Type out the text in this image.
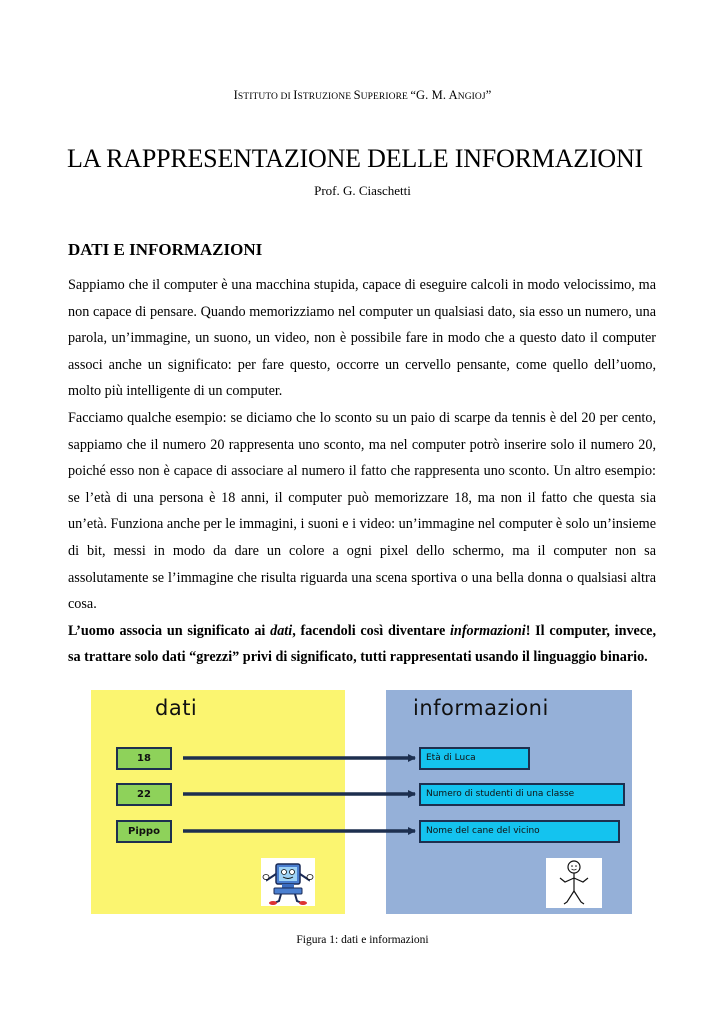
ISTITUTO DI ISTRUZIONE SUPERIORE “G. M. ANGIOJ”
LA RAPPRESENTAZIONE DELLE INFORMAZIONI
Prof. G. Ciaschetti
DATI E INFORMAZIONI

Sappiamo che il computer è una macchina stupida, capace di eseguire calcoli in modo velocissimo, ma non capace di pensare. Quando memorizziamo nel computer un qualsiasi dato, sia esso un numero, una parola, un’immagine, un suono, un video, non è possibile fare in modo che a questo dato il computer associ anche un significato: per fare questo, occorre un cervello pensante, come quello dell’uomo, molto più intelligente di un computer.

Facciamo qualche esempio: se diciamo che lo sconto su un paio di scarpe da tennis è del 20 per cento, sappiamo che il numero 20 rappresenta uno sconto, ma nel computer potrò inserire solo il numero 20, poiché esso non è capace di associare al numero il fatto che rappresenta uno sconto. Un altro esempio: se l’età di una persona è 18 anni, il computer può memorizzare 18, ma non il fatto che questa sia un’età. Funziona anche per le immagini, i suoni e i video: un’immagine nel computer è solo un’insieme di bit, messi in modo da dare un colore a ogni pixel dello schermo, ma il computer non sa assolutamente se l’immagine che risulta riguarda una scena sportiva o una bella donna o qualsiasi altra cosa.

L’uomo associa un significato ai dati, facendoli così diventare informazioni! Il computer, invece, sa trattare solo dati “grezzi” privi di significato, tutti rappresentati usando il linguaggio binario.

dati	informazioni
18
22
Pippo
Età di Luca
Numero di studenti di una classe
Nome del cane del vicino
Figura 1: dati e informazioni
